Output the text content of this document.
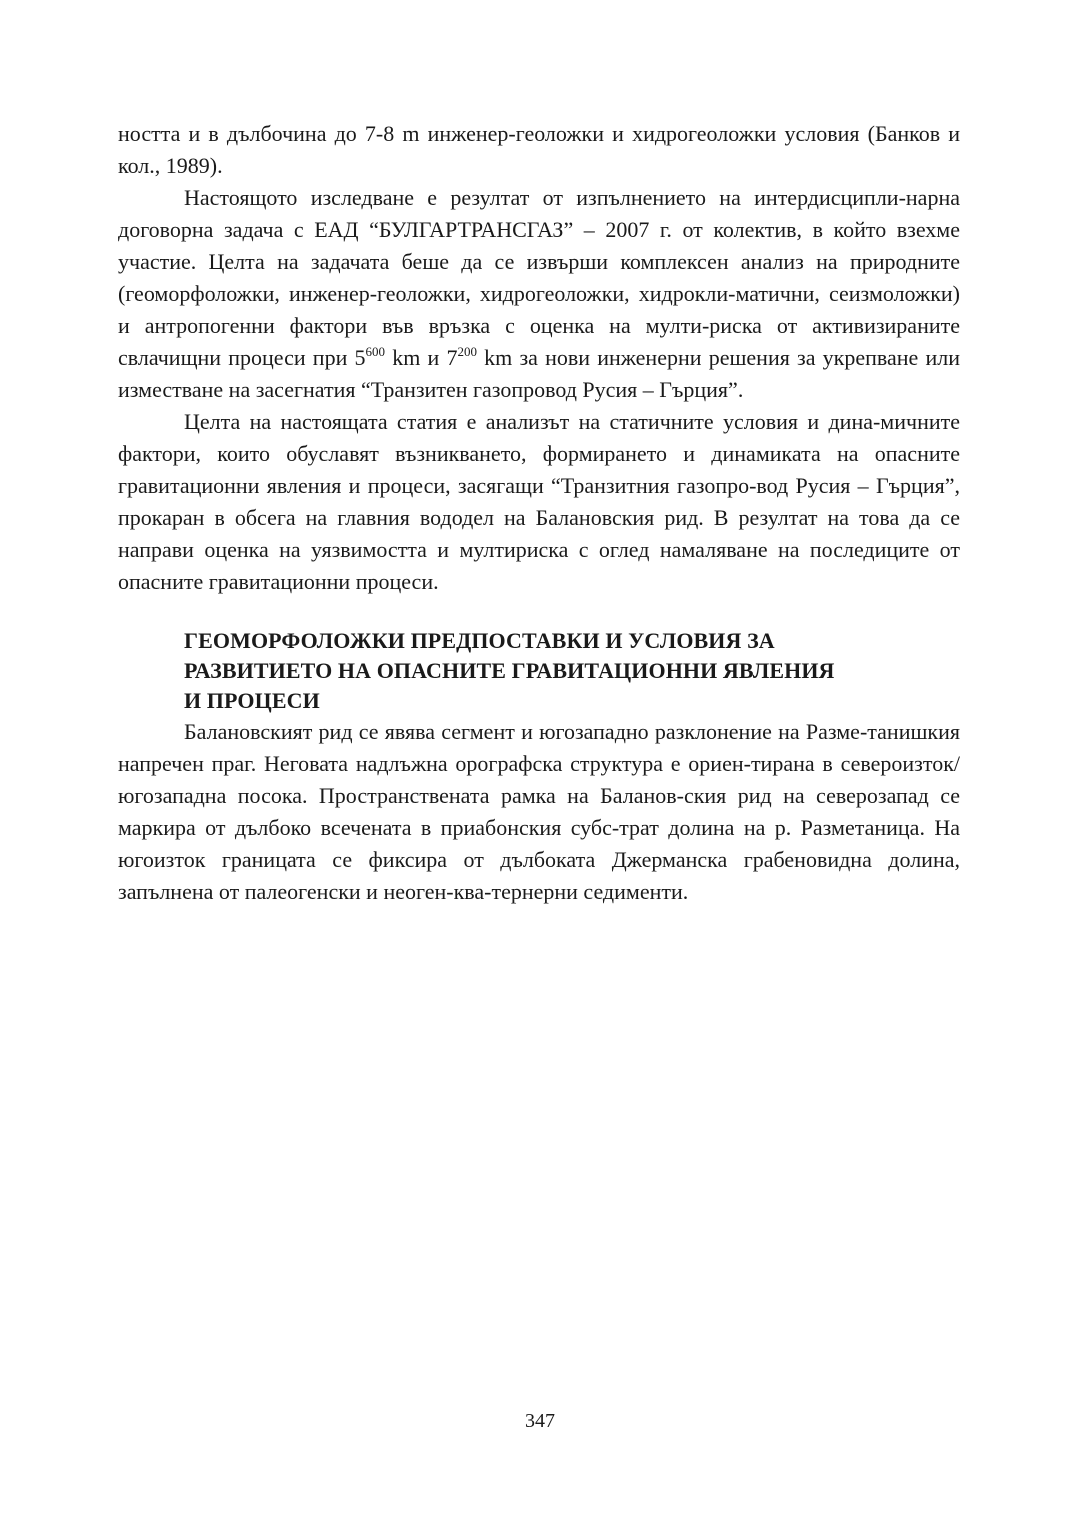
ността и в дълбочина до 7-8 m инженер-геоложки и хидрогеоложки условия (Банков и кол., 1989).

Настоящото изследване е резултат от изпълнението на интердисципли-нарна договорна задача с ЕАД “БУЛГАРТРАНСГАЗ” – 2007 г. от колектив, в който взехме участие. Целта на задачата беше да се извърши комплексен анализ на природните (геоморфоложки, инженер-геоложки, хидрогеоложки, хидрокли-матични, сеизмоложки) и антропогенни фактори във връзка с оценка на мулти-риска от активизираните свлачищни процеси при $5^{600}$ km и $7^{200}$ km за нови инженерни решения за укрепване или изместване на засегнатия “Транзитен газопровод Русия – Гърция”.

Целта на настоящата статия е анализът на статичните условия и дина-мичните фактори, които обуславят възникването, формирането и динамиката на опасните гравитационни явления и процеси, засягащи “Транзитния газопро-вод Русия – Гърция”, прокаран в обсега на главния вододел на Балановския рид. В резултат на това да се направи оценка на уязвимостта и мултириска с оглед намаляване на последиците от опасните гравитационни процеси.

ГЕОМОРФОЛОЖКИ ПРЕДПОСТАВКИ И УСЛОВИЯ ЗА
РАЗВИТИЕТО НА ОПАСНИТЕ ГРАВИТАЦИОННИ ЯВЛЕНИЯ
И ПРОЦЕСИ

Балановският рид се явява сегмент и югозападно разклонение на Разме-танишкия напречен праг. Неговата надлъжна орографска структура е ориен-тирана в североизток/югозападна посока. Пространствената рамка на Баланов-ския рид на северозапад се маркира от дълбоко всечената в приабонския субс-трат долина на р. Разметаница. На югоизток границата се фиксира от дълбоката Джерманска грабеновидна долина, запълнена от палеогенски и неоген-ква-тернерни седименти.

347
